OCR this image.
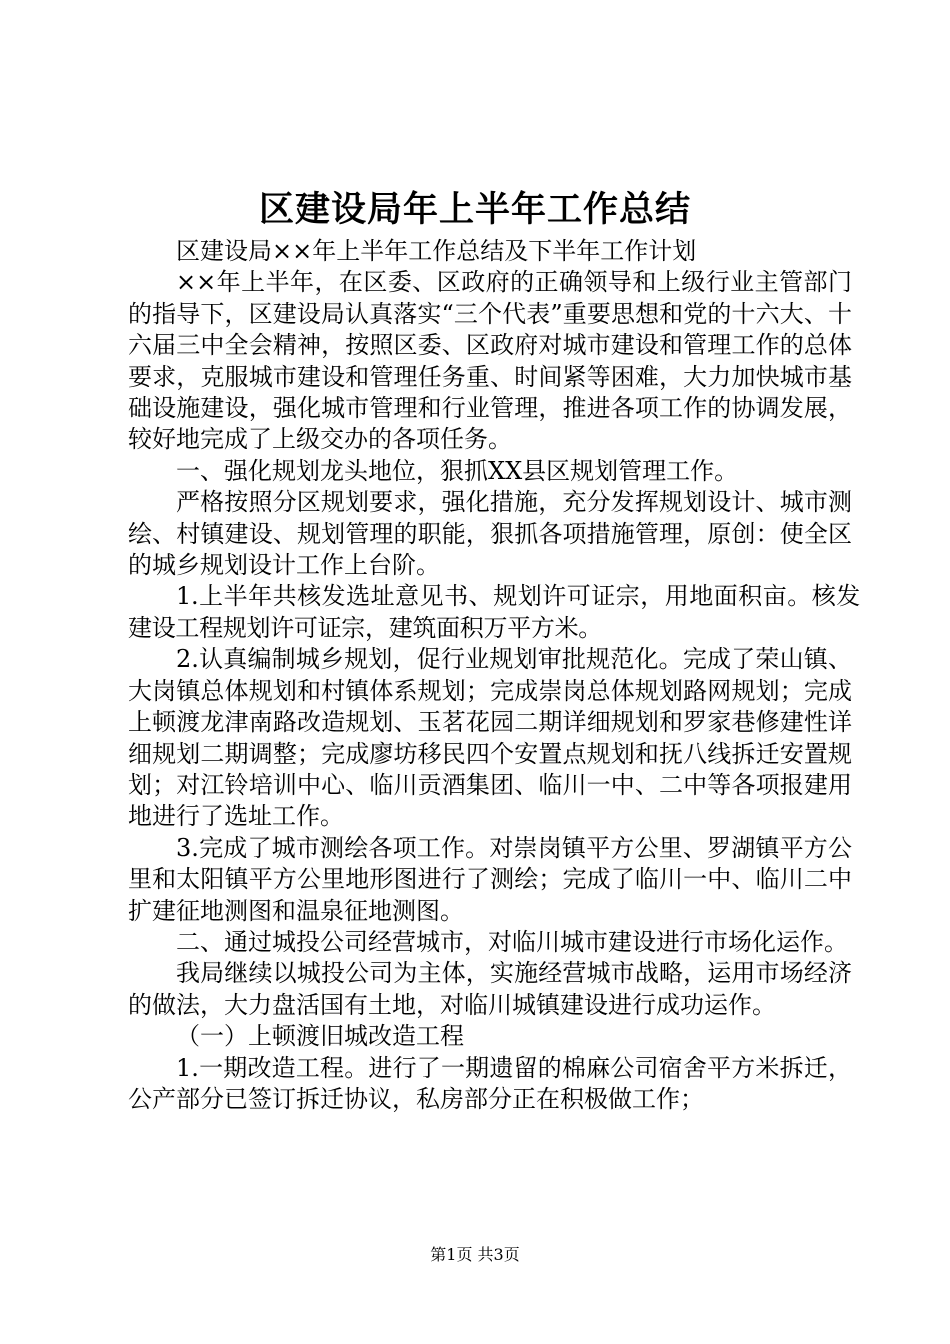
区建设局年上半年工作总结

区建设局××年上半年工作总结及下半年工作计划

××年上半年，在区委、区政府的正确领导和上级行业主管部门的指导下，区建设局认真落实“三个代表”重要思想和党的十六大、十六届三中全会精神，按照区委、区政府对城市建设和管理工作的总体要求，克服城市建设和管理任务重、时间紧等困难，大力加快城市基础设施建设，强化城市管理和行业管理，推进各项工作的协调发展，较好地完成了上级交办的各项任务。

一、强化规划龙头地位，狠抓XX县区规划管理工作。

严格按照分区规划要求，强化措施，充分发挥规划设计、城市测绘、村镇建设、规划管理的职能，狠抓各项措施管理，原创：使全区的城乡规划设计工作上台阶。

1.上半年共核发选址意见书、规划许可证宗，用地面积亩。核发建设工程规划许可证宗，建筑面积万平方米。

2.认真编制城乡规划，促行业规划审批规范化。完成了荣山镇、大岗镇总体规划和村镇体系规划；完成崇岗总体规划路网规划；完成上顿渡龙津南路改造规划、玉茗花园二期详细规划和罗家巷修建性详细规划二期调整；完成廖坊移民四个安置点规划和抚八线拆迁安置规划；对江铃培训中心、临川贡酒集团、临川一中、二中等各项报建用地进行了选址工作。

3.完成了城市测绘各项工作。对崇岗镇平方公里、罗湖镇平方公里和太阳镇平方公里地形图进行了测绘；完成了临川一中、临川二中扩建征地测图和温泉征地测图。

二、通过城投公司经营城市，对临川城市建设进行市场化运作。

我局继续以城投公司为主体，实施经营城市战略，运用市场经济的做法，大力盘活国有土地，对临川城镇建设进行成功运作。

（一）上顿渡旧城改造工程

1.一期改造工程。进行了一期遗留的棉麻公司宿舍平方米拆迁，公产部分已签订拆迁协议，私房部分正在积极做工作；

第1页 共3页
